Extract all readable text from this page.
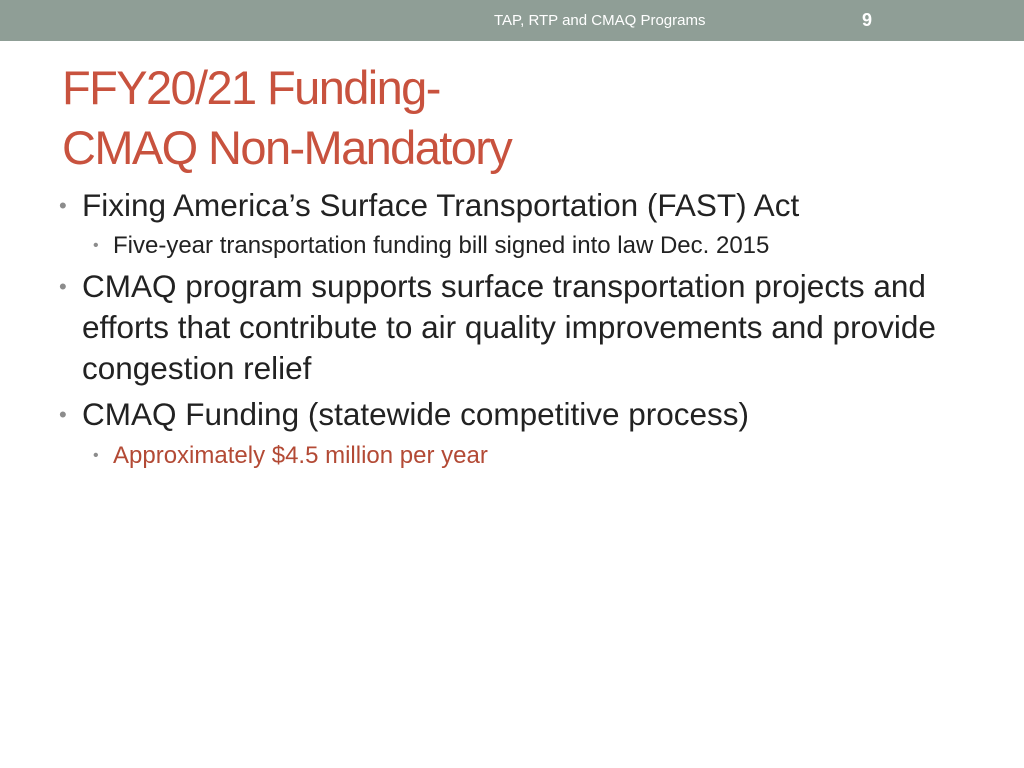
TAP, RTP and CMAQ Programs	9
FFY20/21 Funding-
CMAQ Non-Mandatory
• Fixing America’s Surface Transportation (FAST) Act
• Five-year transportation funding bill signed into law Dec. 2015
• CMAQ program supports surface transportation projects and efforts that contribute to air quality improvements and provide congestion relief
• CMAQ Funding (statewide competitive process)
• Approximately $4.5 million per year
